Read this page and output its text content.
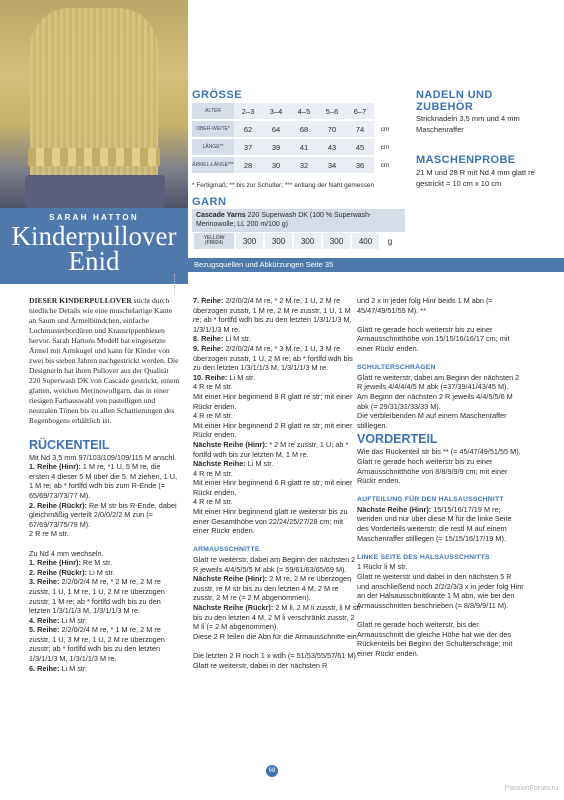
SARAH HATTON
Kinderpullover
Enid
GRÖSSE
ALTER	2–3	3–4	4–5	5–6	6–7	
OBER-WEITE*	62	64	68	70	74	cm
LÄNGE**	37	39	41	43	45	cm
ÄRMEL-LÄNGE***	28	30	32	34	36	cm
* Fertigmaß; ** bis zur Schulter; *** entlang der Naht gemessen
GARN
Cascade Yarns 220 Superwash DK (100 % Superwash-Merinowolle; LL 200 m/100 g)
YELLOW (FB824)	300	300	300	300	400	g
NADELN UND
ZUBEHÖR
Stricknadeln 3,5 mm und 4 mm
Maschenraffer
MASCHENPROBE
21 M und 28 R mit Nd 4 mm glatt re gestrickt = 10 cm x 10 cm
Bezugsquellen und Abkürzungen Seite 35

DIESER KINDERPULLOVER sticht durch niedliche Details wie eine muschelartige Kante an Saum und Ärmelbündchen, einfache Lochmusterbordüren und Krausrippenbiesen hervor. Sarah Hattons Modell hat eingesetzte Ärmel mit Armkugel und kann für Kinder von zwei bis sieben Jahren nachgestrickt werden. Die Designerin hat ihren Pullover aus der Qualität 220 Superwash DK von Cascade gestrickt, einem glatten, weichen Merinowollgarn, das in einer riesigen Farbauswahl von pastelligen und neutralen Tönen bis zu allen Schattierungen des Regenbogens erhältlich ist.

RÜCKENTEIL

Mit Nd 3,5 mm 97/103/109/109/115 M anschl.

1. Reihe (Hinr): 1 M re, *1 U, 5 M re, die ersten 4 dieser 5 M über die 5. M ziehen, 1 U, 1 M re; ab * fortlfd wdh bis zum R-Ende (= 65/69/73/73/77 M).

2. Reihe (Rückr): Re M str bis R-Ende, dabei gleichmäßig verteilt 2/0/0/2/2 M zun (= 67/69/73/75/79 M).

2 R re M str.

Zu Nd 4 mm wechseln.

1. Reihe (Hinr): Re M str.

2. Reihe (Rückr): Li M str.

3. Reihe: 2/2/0/2/4 M re, * 2 M re, 2 M re zusstr, 1 U, 1 M re, 1 U, 2 M re überzogen zusstr, 1 M re; ab * fortlfd wdh bis zu den letzten 1/3/1/1/3 M, 1/3/1/1/3 M re.

4. Reihe: Li M str.

5. Reihe: 2/2/0/2/4 M re, * 1 M re, 2 M re zusstr, 1 U, 3 M re, 1 U, 2 M re überzogen zusstr; ab * fortlfd wdh bis zu den letzten 1/3/1/1/3 M, 1/3/1/1/3 M re.

6. Reihe: Li M str.

7. Reihe: 2/2/0/2/4 M re, * 2 M re, 1 U, 2 M re überzogen zusstr, 1 M re, 2 M re zusstr, 1 U, 1 M re; ab * fortlfd wdh bis zu den letzten 1/3/1/1/3 M, 1/3/1/1/3 M re.

8. Reihe: Li M str.

9. Reihe: 2/2/0/2/4 M re, * 3 M re, 1 U, 3 M re überzogen zusstr, 1 U, 2 M re; ab * fortlfd wdh bis zu den letzten 1/3/1/1/3 M, 1/3/1/1/3 M re.

10. Reihe: Li M str.

4 R re M str.

Mit einer Hinr beginnend 8 R glatt re str; mit einer Rückr enden.

4 R re M str.

Mit einer Hinr beginnend 2 R glatt re str; mit einer Rückr enden.

Nächste Reihe (Hinr): * 2 M re zusstr, 1 U; ab * fortlfd wdh bis zur letzten M, 1 M re.

Nächste Reihe: Li M str.

4 R re M str.

Mit einer Hinr beginnend 6 R glatt re str; mit einer Rückr enden.

4 R re M str.

Mit einer Hinr beginnend glatt re weiterstr bis zu einer Gesamthöhe von 22/24/25/27/28 cm; mit einer Rückr enden.

ARMAUSSCHNITTE

Glatt re weiterstr, dabei am Beginn der nächsten 2 R jeweils 4/4/5/5/5 M abk (= 59/61/63/65/69 M).

Nächste Reihe (Hinr): 2 M re, 2 M re überzogen zusstr, re M str bis zu den letzten 4 M, 2 M re zusstr, 2 M re (= 2 M abgenommen).

Nächste Reihe (Rückr): 2 M li, 2 M li zusstr, li M str bis zu den letzten 4 M, 2 M li verschränkt zusstr, 2 M li (= 2 M abgenommen).

Diese 2 R teilen die Abn für die Armausschnitte ein.

Die letzten 2 R noch 1 x wdh (= 51/53/55/57/61 M).

Glatt re weiterstr, dabei in der nächsten R

und 2 x in jeder folg Hinr beids 1 M abn (= 45/47/49/51/55 M). **

Glatt re gerade hoch weiterstr bis zu einer Armausschnitthöhe von 15/15/16/16/17 cm; mit einer Rückr enden.

SCHULTERSCHRÄGEN

Glatt re weiterstr, dabei am Beginn der nächsten 2 R jeweils 4/4/4/4/5 M abk (=37/39/41/43/45 M).

Am Beginn der nächsten 2 R jeweils 4/4/5/5/6 M abk (= 29/31/31/33/33 M).

Die verbleibenden M auf einem Maschenraffer stilllegen.

VORDERTEIL

Wie das Rückenteil str bis ** (= 45/47/49/51/55 M).

Glatt re gerade hoch weiterstr bis zu einer Armausschnitthöhe von 8/8/9/9/9 cm; mit einer Rückr enden.

AUFTEILUNG FÜR DEN HALSAUSSCHNITT

Nächste Reihe (Hinr): 15/15/16/17/19 M re; wenden und nur über diese M für die linke Seite des Vorderteils weiterstr; die restl M auf einem Maschenraffer stilllegen (= 15/15/16/17/19 M).

LINKE SEITE DES HALSAUSSCHNITTS

1 Rückr li M str.

Glatt re weiterstr und dabei in den nächsten 5 R und anschließend noch 2/2/2/3/3 x in jeder folg Hinr an der Halsausschnittkante 1 M abn, wie bei den Armausschnitten beschrieben (= 8/8/9/9/11 M).

Glatt re gerade hoch weiterstr, bis der Armausschnitt die gleiche Höhe hat wie der des Rückenteils bei Beginn der Schulterschräge; mit einer Rückr enden.

68
PassionForum.ru
